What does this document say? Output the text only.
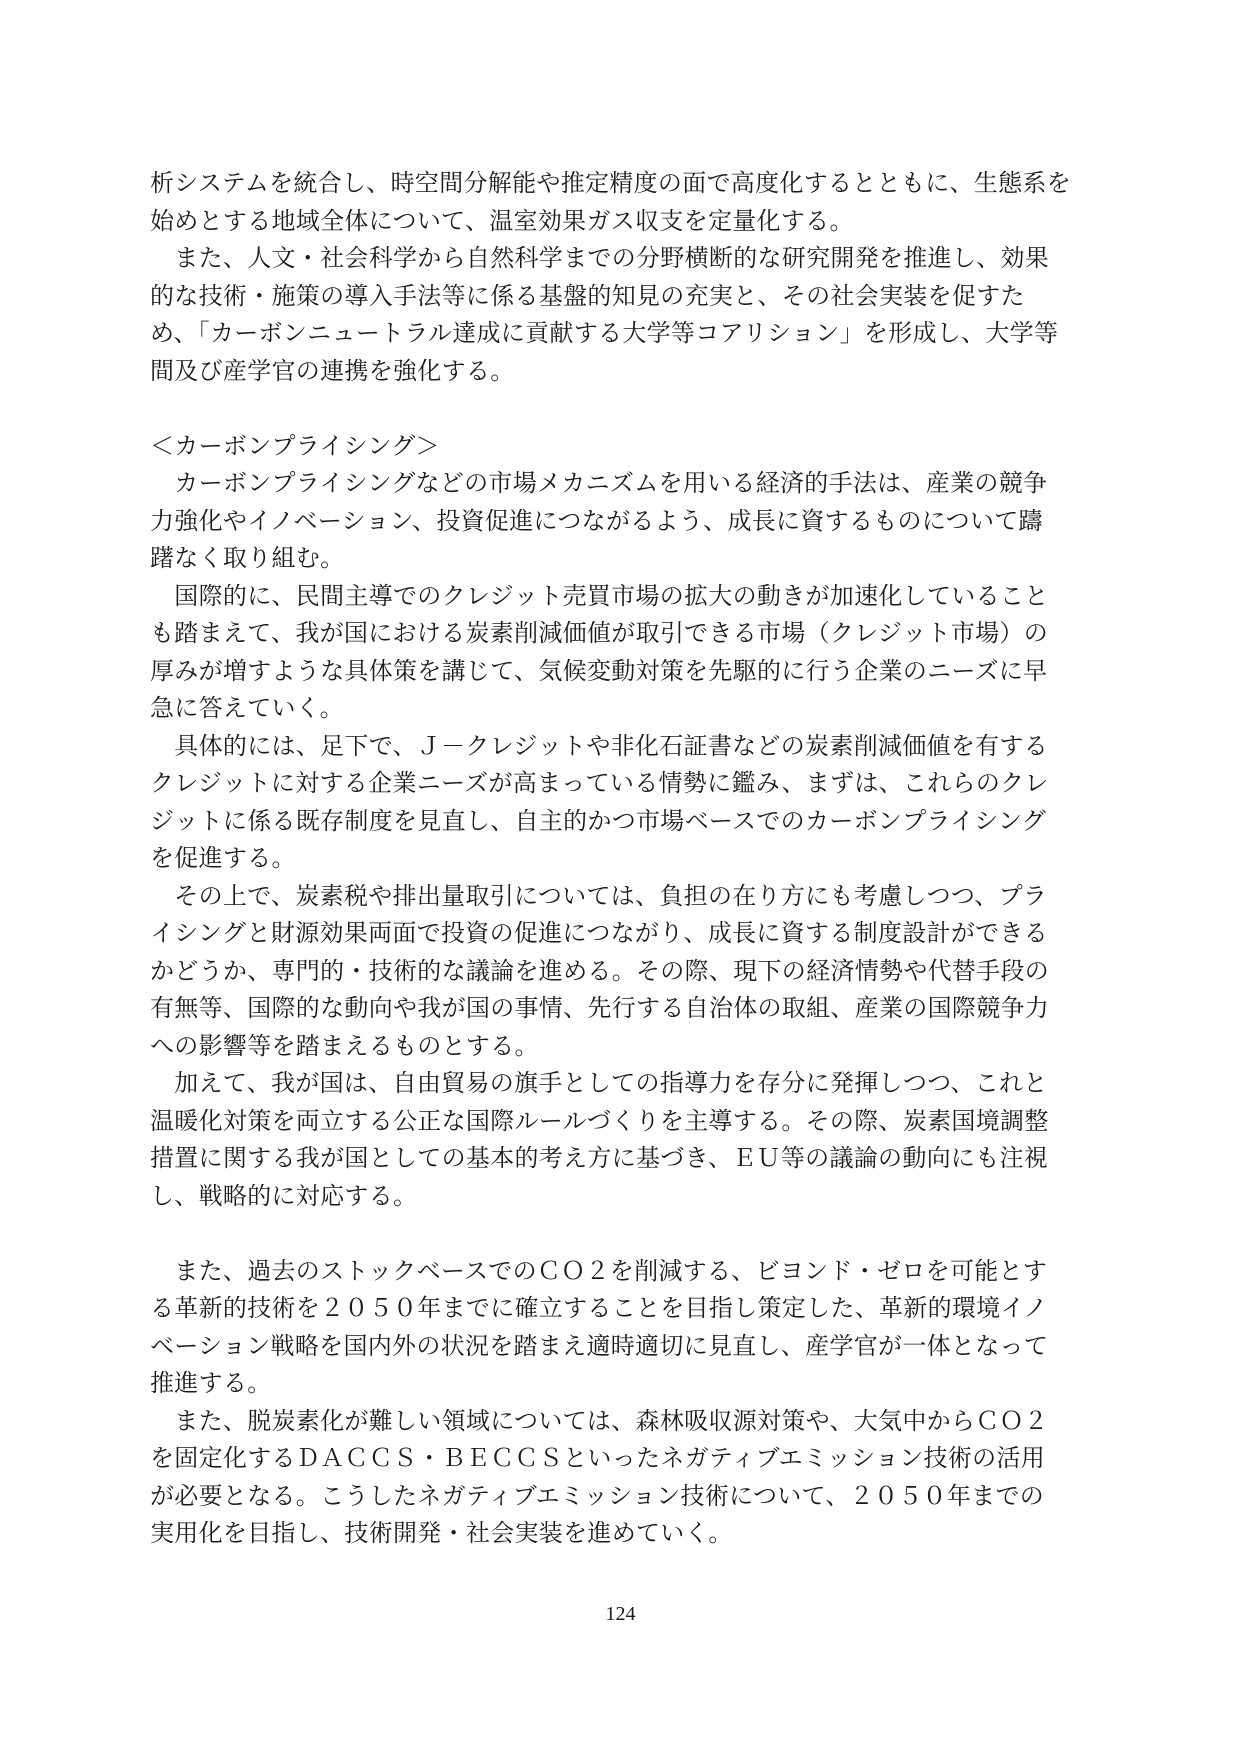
析システムを統合し、時空間分解能や推定精度の面で高度化するとともに、生態系を
始めとする地域全体について、温室効果ガス収支を定量化する。
　また、人文・社会科学から自然科学までの分野横断的な研究開発を推進し、効果
的な技術・施策の導入手法等に係る基盤的知見の充実と、その社会実装を促すた
め、「カーボンニュートラル達成に貢献する大学等コアリション」を形成し、大学等
間及び産学官の連携を強化する。
＜カーボンプライシング＞
　カーボンプライシングなどの市場メカニズムを用いる経済的手法は、産業の競争
力強化やイノベーション、投資促進につながるよう、成長に資するものについて躊
躇なく取り組む。
　国際的に、民間主導でのクレジット売買市場の拡大の動きが加速化していること
も踏まえて、我が国における炭素削減価値が取引できる市場（クレジット市場）の
厚みが増すような具体策を講じて、気候変動対策を先駆的に行う企業のニーズに早
急に答えていく。
　具体的には、足下で、Ｊ－クレジットや非化石証書などの炭素削減価値を有する
クレジットに対する企業ニーズが高まっている情勢に鑑み、まずは、これらのクレ
ジットに係る既存制度を見直し、自主的かつ市場ベースでのカーボンプライシング
を促進する。
　その上で、炭素税や排出量取引については、負担の在り方にも考慮しつつ、プラ
イシングと財源効果両面で投資の促進につながり、成長に資する制度設計ができる
かどうか、専門的・技術的な議論を進める。その際、現下の経済情勢や代替手段の
有無等、国際的な動向や我が国の事情、先行する自治体の取組、産業の国際競争力
への影響等を踏まえるものとする。
　加えて、我が国は、自由貿易の旗手としての指導力を存分に発揮しつつ、これと
温暖化対策を両立する公正な国際ルールづくりを主導する。その際、炭素国境調整
措置に関する我が国としての基本的考え方に基づき、ＥＵ等の議論の動向にも注視
し、戦略的に対応する。
　また、過去のストックベースでのＣＯ２を削減する、ビヨンド・ゼロを可能とす
る革新的技術を２０５０年までに確立することを目指し策定した、革新的環境イノ
ベーション戦略を国内外の状況を踏まえ適時適切に見直し、産学官が一体となって
推進する。
　また、脱炭素化が難しい領域については、森林吸収源対策や、大気中からＣＯ２
を固定化するＤＡＣＣＳ・ＢＥＣＣＳといったネガティブエミッション技術の活用
が必要となる。こうしたネガティブエミッション技術について、２０５０年までの
実用化を目指し、技術開発・社会実装を進めていく。
124
